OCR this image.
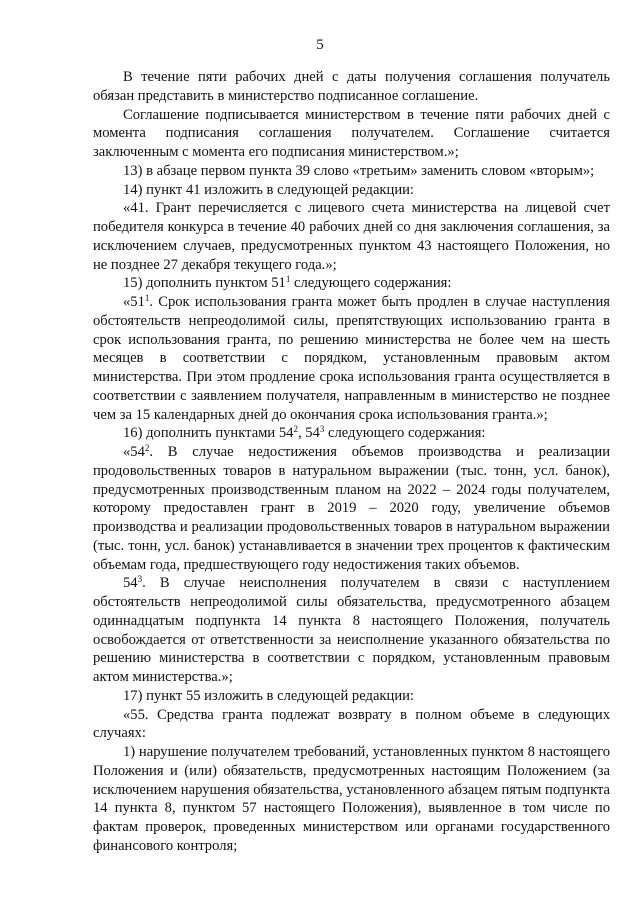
5

В течение пяти рабочих дней с даты получения соглашения получатель обязан представить в министерство подписанное соглашение.

Соглашение подписывается министерством в течение пяти рабочих дней с момента подписания соглашения получателем. Соглашение считается заключенным с момента его подписания министерством.»;

13) в абзаце первом пункта 39 слово «третьим» заменить словом «вторым»;

14) пункт 41 изложить в следующей редакции:

«41. Грант перечисляется с лицевого счета министерства на лицевой счет победителя конкурса в течение 40 рабочих дней со дня заключения соглашения, за исключением случаев, предусмотренных пунктом 43 настоящего Положения, но не позднее 27 декабря текущего года.»;

15) дополнить пунктом $51^1$ следующего содержания:

«$51^1$. Срок использования гранта может быть продлен в случае наступления обстоятельств непреодолимой силы, препятствующих использованию гранта в срок использования гранта, по решению министерства не более чем на шесть месяцев в соответствии с порядком, установленным правовым актом министерства. При этом продление срока использования гранта осуществляется в соответствии с заявлением получателя, направленным в министерство не позднее чем за 15 календарных дней до окончания срока использования гранта.»;

16) дополнить пунктами $54^2$, $54^3$ следующего содержания:

«$54^2$. В случае недостижения объемов производства и реализации продовольственных товаров в натуральном выражении (тыс. тонн, усл. банок), предусмотренных производственным планом на 2022 – 2024 годы получателем, которому предоставлен грант в 2019 – 2020 году, увеличение объемов производства и реализации продовольственных товаров в натуральном выражении (тыс. тонн, усл. банок) устанавливается в значении трех процентов к фактическим объемам года, предшествующего году недостижения таких объемов.

$54^3$. В случае неисполнения получателем в связи с наступлением обстоятельств непреодолимой силы обязательства, предусмотренного абзацем одиннадцатым подпункта 14 пункта 8 настоящего Положения, получатель освобождается от ответственности за неисполнение указанного обязательства по решению министерства в соответствии с порядком, установленным правовым актом министерства.»;

17) пункт 55 изложить в следующей редакции:

«55. Средства гранта подлежат возврату в полном объеме в следующих случаях:

1) нарушение получателем требований, установленных пунктом 8 настоящего Положения и (или) обязательств, предусмотренных настоящим Положением (за исключением нарушения обязательства, установленного абзацем пятым подпункта 14 пункта 8, пунктом 57 настоящего Положения), выявленное в том числе по фактам проверок, проведенных министерством или органами государственного финансового контроля;
